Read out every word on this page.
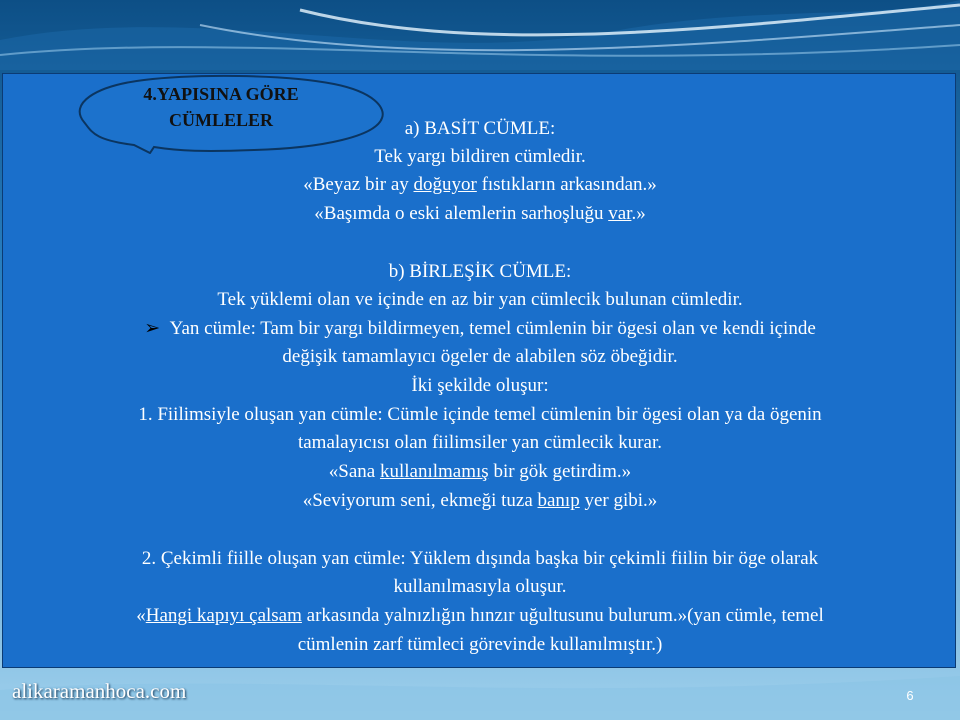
a) BASİT CÜMLE:
Tek yargı bildiren cümledir.
«Beyaz bir ay doğuyor fıstıkların arkasından.»
«Başımda o eski alemlerin sarhoşluğu var.»
b) BİRLEŞİK CÜMLE:
Tek yüklemi olan ve içinde en az bir yan cümlecik bulunan cümledir.
➢ Yan cümle: Tam bir yargı bildirmeyen, temel cümlenin bir ögesi olan ve kendi içinde
değişik tamamlayıcı ögeler de alabilen söz öbeğidir.
İki şekilde oluşur:
1. Fiilimsiyle oluşan yan cümle: Cümle içinde temel cümlenin bir ögesi olan ya da ögenin
tamalayıcısı olan fiilimsiler yan cümlecik kurar.
«Sana kullanılmamış bir gök getirdim.»
«Seviyorum seni, ekmeği tuza banıp yer gibi.»
2. Çekimli fiille oluşan yan cümle: Yüklem dışında başka bir çekimli fiilin bir öge olarak
kullanılmasıyla oluşur.
«Hangi kapıyı çalsam arkasında yalnızlığın hınzır uğultusunu bulurum.»(yan cümle, temel
cümlenin zarf tümleci görevinde kullanılmıştır.)
4.YAPISINA GÖRE
CÜMLELER
alikaramanhoca.com	6
